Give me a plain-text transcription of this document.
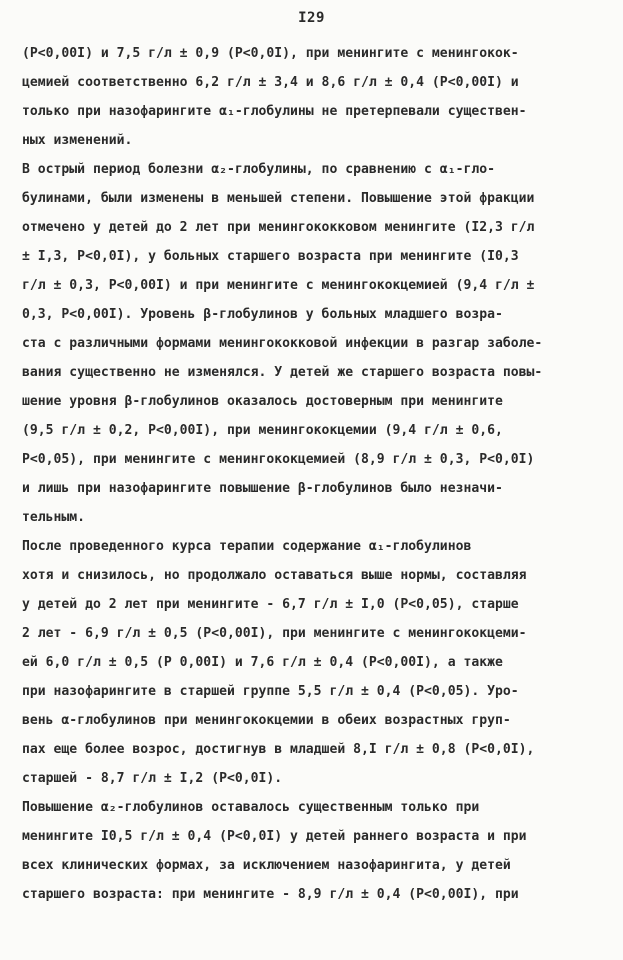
I29
(P<0,00I) и 7,5 г/л ± 0,9 (P<0,0I), при менингите с менингокок-
цемией соответственно 6,2 г/л ± 3,4 и 8,6 г/л ± 0,4 (P<0,00I) и
только при назофарингите α₁-глобулины не претерпевали существен-
ных изменений.
В острый период болезни α₂-глобулины, по сравнению с α₁-гло-
булинами, были изменены в меньшей степени. Повышение этой фракции
отмечено у детей до 2 лет при менингококковом менингите (I2,3 г/л
± I,3, P<0,0I), у больных старшего возраста при менингите (I0,3
г/л ± 0,3, P<0,00I) и при менингите с менингококцемией (9,4 г/л ±
0,3, P<0,00I). Уровень β-глобулинов у больных младшего возра-
ста с различными формами менингококковой инфекции в разгар заболе-
вания существенно не изменялся. У детей же старшего возраста повы-
шение уровня β-глобулинов оказалось достоверным при менингите
(9,5 г/л ± 0,2, P<0,00I), при менингококцемии (9,4 г/л ± 0,6,
P<0,05), при менингите с менингококцемией (8,9 г/л ± 0,3, P<0,0I)
и лишь при назофарингите повышение β-глобулинов было незначи-
тельным.
После проведенного курса терапии содержание α₁-глобулинов
хотя и снизилось, но продолжало оставаться выше нормы, составляя
у детей до 2 лет при менингите - 6,7 г/л ± I,0 (P<0,05), старше
2 лет - 6,9 г/л ± 0,5 (P<0,00I), при менингите с менингококцеми-
ей 6,0 г/л ± 0,5 (P 0,00I) и 7,6 г/л ± 0,4 (P<0,00I), а также
при назофарингите в старшей группе 5,5 г/л ± 0,4 (P<0,05). Уро-
вень α-глобулинов при менингококцемии в обеих возрастных груп-
пах еще более возрос, достигнув в младшей 8,I г/л ± 0,8 (P<0,0I),
старшей - 8,7 г/л ± I,2 (P<0,0I).
Повышение α₂-глобулинов оставалось существенным только при
менингите I0,5 г/л ± 0,4 (P<0,0I) у детей раннего возраста и при
всех клинических формах, за исключением назофарингита, у детей
старшего возраста: при менингите - 8,9 г/л ± 0,4 (P<0,00I), при
